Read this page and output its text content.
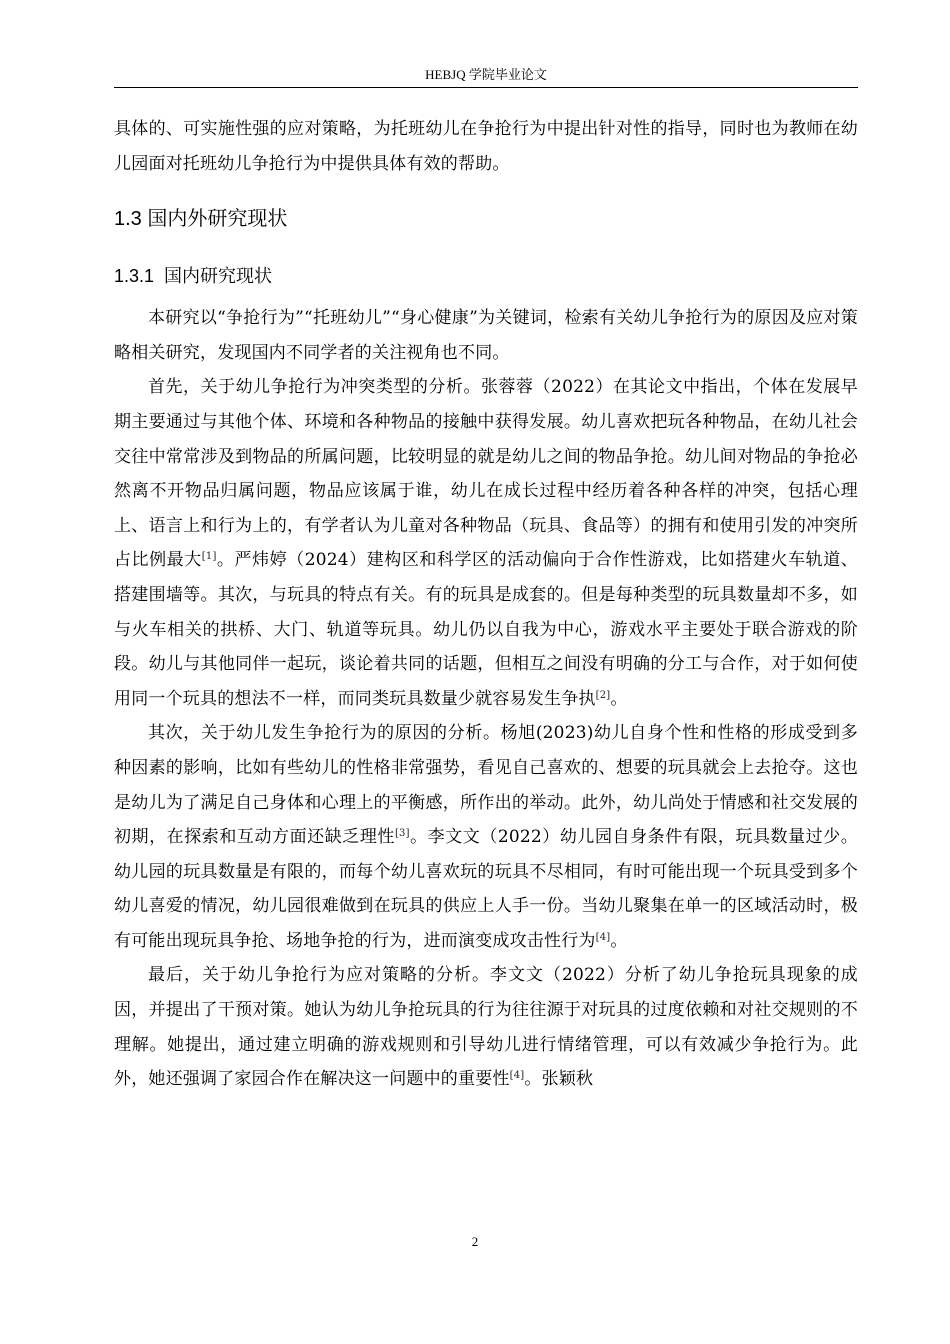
HEBJQ 学院毕业论文

具体的、可实施性强的应对策略，为托班幼儿在争抢行为中提出针对性的指导，同时也为教师在幼儿园面对托班幼儿争抢行为中提供具体有效的帮助。

1.3 国内外研究现状
1.3.1 国内研究现状

本研究以“争抢行为”“托班幼儿”“身心健康”为关键词，检索有关幼儿争抢行为的原因及应对策略相关研究，发现国内不同学者的关注视角也不同。

首先，关于幼儿争抢行为冲突类型的分析。张蓉蓉（2022）在其论文中指出，个体在发展早期主要通过与其他个体、环境和各种物品的接触中获得发展。幼儿喜欢把玩各种物品，在幼儿社会交往中常常涉及到物品的所属问题，比较明显的就是幼儿之间的物品争抢。幼儿间对物品的争抢必然离不开物品归属问题，物品应该属于谁，幼儿在成长过程中经历着各种各样的冲突，包括心理上、语言上和行为上的，有学者认为儿童对各种物品（玩具、食品等）的拥有和使用引发的冲突所占比例最大[1]。严炜婷（2024）建构区和科学区的活动偏向于合作性游戏，比如搭建火车轨道、搭建围墙等。其次，与玩具的特点有关。有的玩具是成套的。但是每种类型的玩具数量却不多，如与火车相关的拱桥、大门、轨道等玩具。幼儿仍以自我为中心，游戏水平主要处于联合游戏的阶段。幼儿与其他同伴一起玩，谈论着共同的话题，但相互之间没有明确的分工与合作，对于如何使用同一个玩具的想法不一样，而同类玩具数量少就容易发生争执[2]。

其次，关于幼儿发生争抢行为的原因的分析。杨旭(2023)幼儿自身个性和性格的形成受到多种因素的影响，比如有些幼儿的性格非常强势，看见自己喜欢的、想要的玩具就会上去抢夺。这也是幼儿为了满足自己身体和心理上的平衡感，所作出的举动。此外，幼儿尚处于情感和社交发展的初期，在探索和互动方面还缺乏理性[3]。李文文（2022）幼儿园自身条件有限，玩具数量过少。幼儿园的玩具数量是有限的，而每个幼儿喜欢玩的玩具不尽相同，有时可能出现一个玩具受到多个幼儿喜爱的情况，幼儿园很难做到在玩具的供应上人手一份。当幼儿聚集在单一的区域活动时，极有可能出现玩具争抢、场地争抢的行为，进而演变成攻击性行为[4]。

最后，关于幼儿争抢行为应对策略的分析。李文文（2022）分析了幼儿争抢玩具现象的成因，并提出了干预对策。她认为幼儿争抢玩具的行为往往源于对玩具的过度依赖和对社交规则的不理解。她提出，通过建立明确的游戏规则和引导幼儿进行情绪管理，可以有效减少争抢行为。此外，她还强调了家园合作在解决这一问题中的重要性[4]。张颖秋

2
